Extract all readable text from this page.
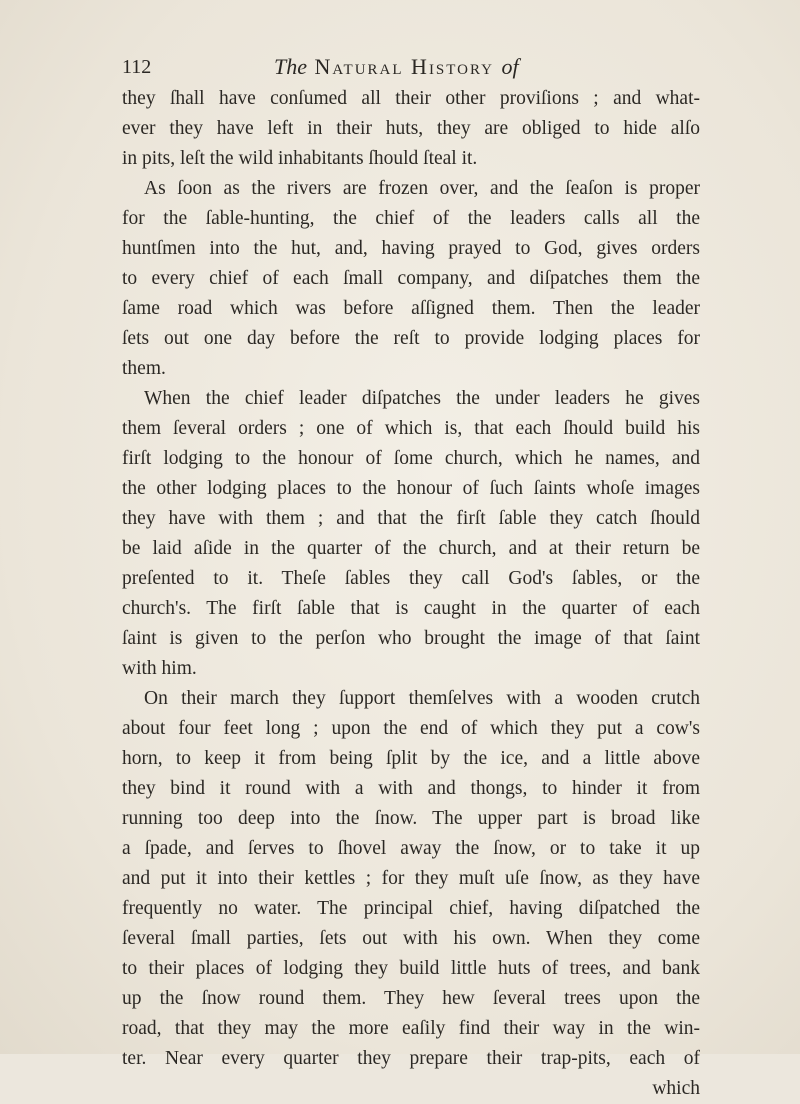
112	The Natural History of
they ſhall have conſumed all their other proviſions ; and what-
ever they have left in their huts, they are obliged to hide alſo
in pits, leſt the wild inhabitants ſhould ſteal it.
As ſoon as the rivers are frozen over, and the ſeaſon is proper
for the ſable-hunting, the chief of the leaders calls all the
huntſmen into the hut, and, having prayed to God, gives orders
to every chief of each ſmall company, and diſpatches them the
ſame road which was before aſſigned them. Then the leader
ſets out one day before the reſt to provide lodging places for
them.
When the chief leader diſpatches the under leaders he gives
them ſeveral orders ; one of which is, that each ſhould build his
firſt lodging to the honour of ſome church, which he names, and
the other lodging places to the honour of ſuch ſaints whoſe images
they have with them ; and that the firſt ſable they catch ſhould
be laid aſide in the quarter of the church, and at their return be
preſented to it. Theſe ſables they call God's ſables, or the
church's. The firſt ſable that is caught in the quarter of each
ſaint is given to the perſon who brought the image of that ſaint
with him.
On their march they ſupport themſelves with a wooden crutch
about four feet long ; upon the end of which they put a cow's
horn, to keep it from being ſplit by the ice, and a little above
they bind it round with a with and thongs, to hinder it from
running too deep into the ſnow. The upper part is broad like
a ſpade, and ſerves to ſhovel away the ſnow, or to take it up
and put it into their kettles ; for they muſt uſe ſnow, as they have
frequently no water. The principal chief, having diſpatched the
ſeveral ſmall parties, ſets out with his own. When they come
to their places of lodging they build little huts of trees, and bank
up the ſnow round them. They hew ſeveral trees upon the
road, that they may the more eaſily find their way in the win-
ter. Near every quarter they prepare their trap-pits, each of
which
